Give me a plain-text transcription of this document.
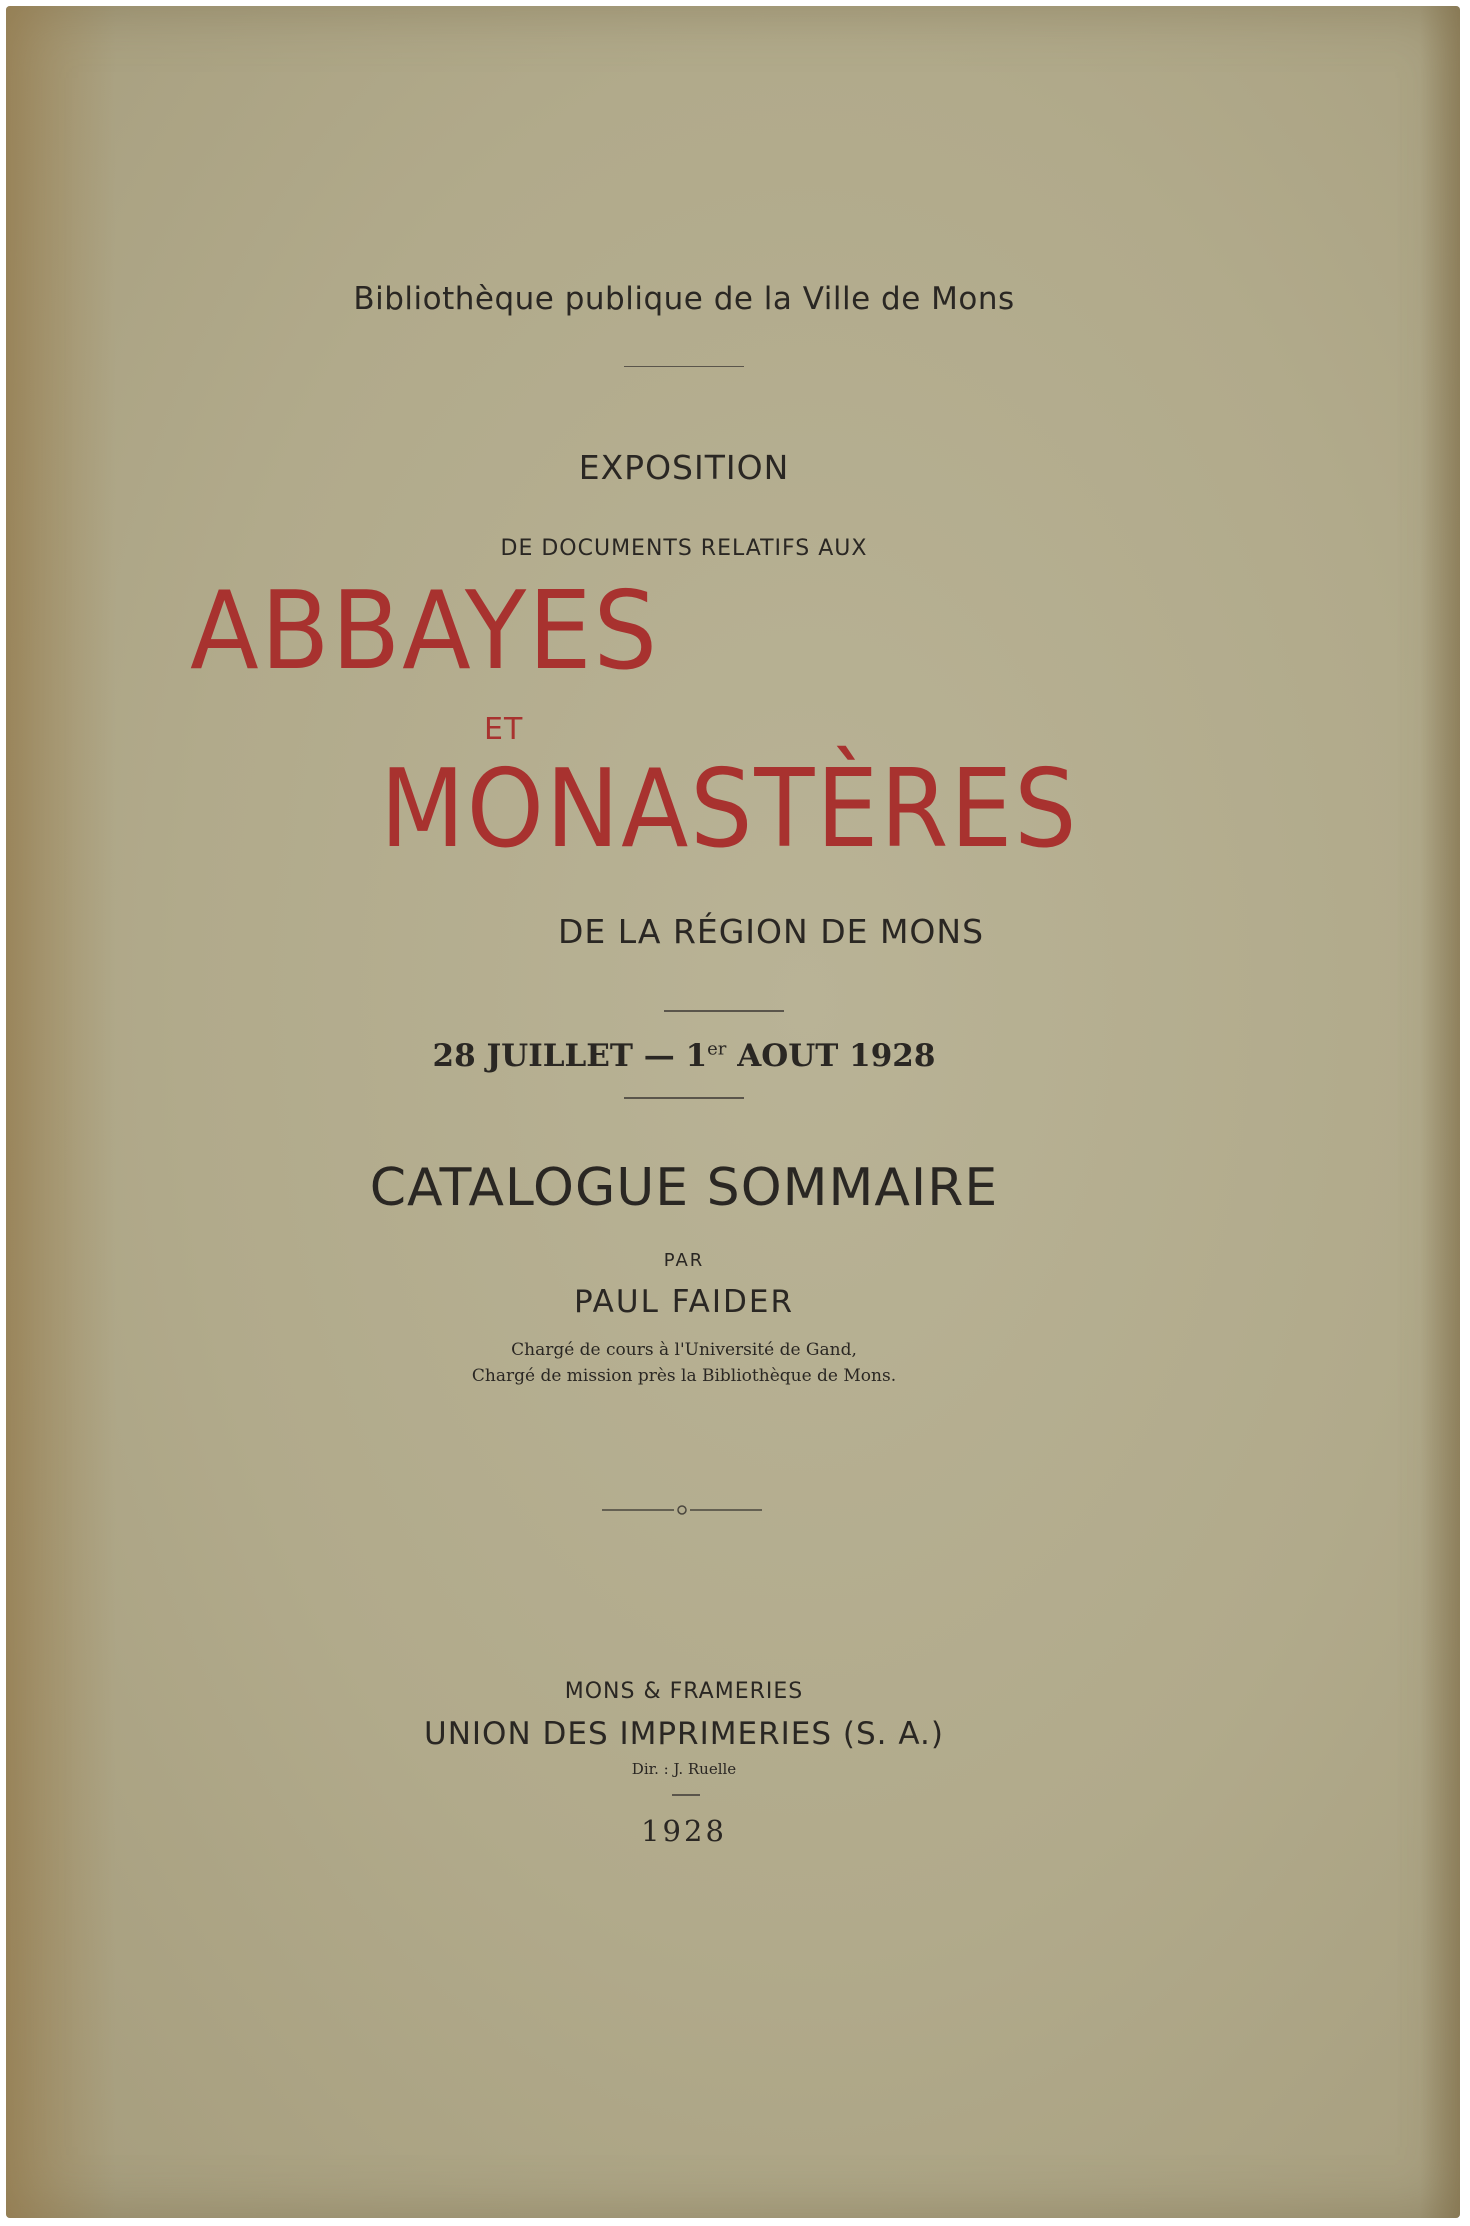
Bibliothèque publique de la Ville de Mons
EXPOSITION
DE DOCUMENTS RELATIFS AUX
ABBAYES
ET
MONASTÈRES
DE LA RÉGION DE MONS
28 JUILLET — 1er AOUT 1928
CATALOGUE SOMMAIRE
PAR
PAUL FAIDER
Chargé de cours à l'Université de Gand,
Chargé de mission près la Bibliothèque de Mons.
MONS & FRAMERIES
UNION DES IMPRIMERIES (S. A.)
Dir. : J. Ruelle
1928
